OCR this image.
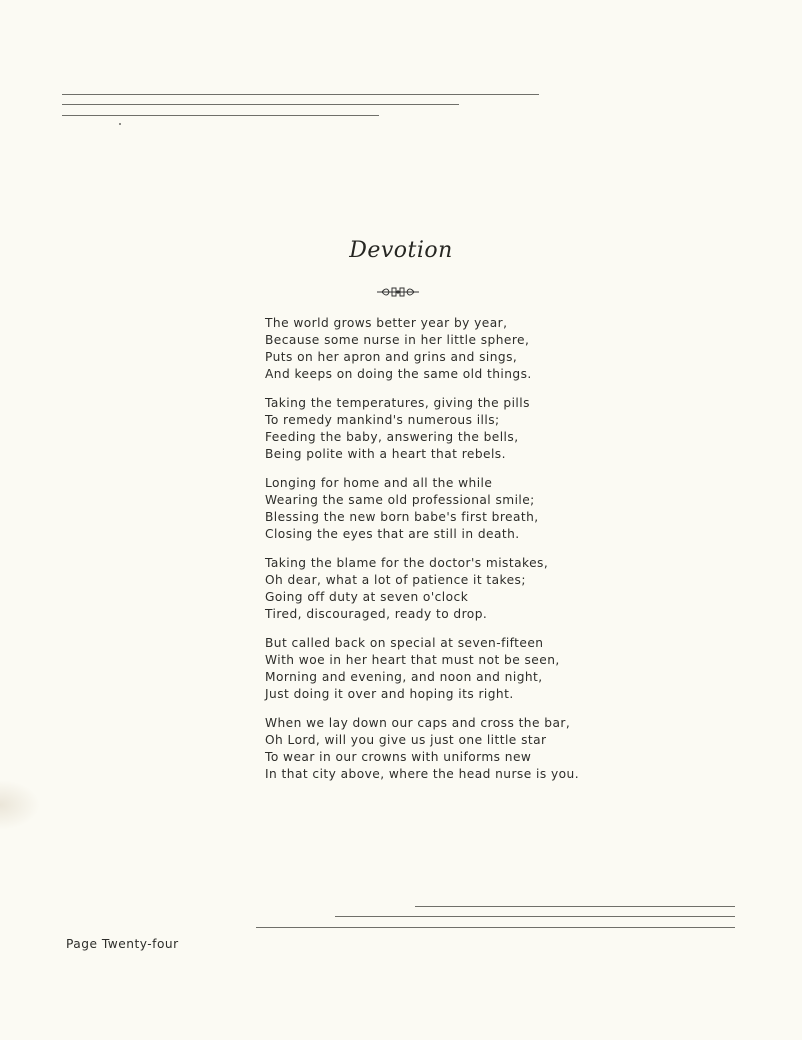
Devotion
The world grows better year by year,
Because some nurse in her little sphere,
Puts on her apron and grins and sings,
And keeps on doing the same old things.
Taking the temperatures, giving the pills
To remedy mankind's numerous ills;
Feeding the baby, answering the bells,
Being polite with a heart that rebels.
Longing for home and all the while
Wearing the same old professional smile;
Blessing the new born babe's first breath,
Closing the eyes that are still in death.
Taking the blame for the doctor's mistakes,
Oh dear, what a lot of patience it takes;
Going off duty at seven o'clock
Tired, discouraged, ready to drop.
But called back on special at seven-fifteen
With woe in her heart that must not be seen,
Morning and evening, and noon and night,
Just doing it over and hoping its right.
When we lay down our caps and cross the bar,
Oh Lord, will you give us just one little star
To wear in our crowns with uniforms new
In that city above, where the head nurse is you.
Page Twenty-four
